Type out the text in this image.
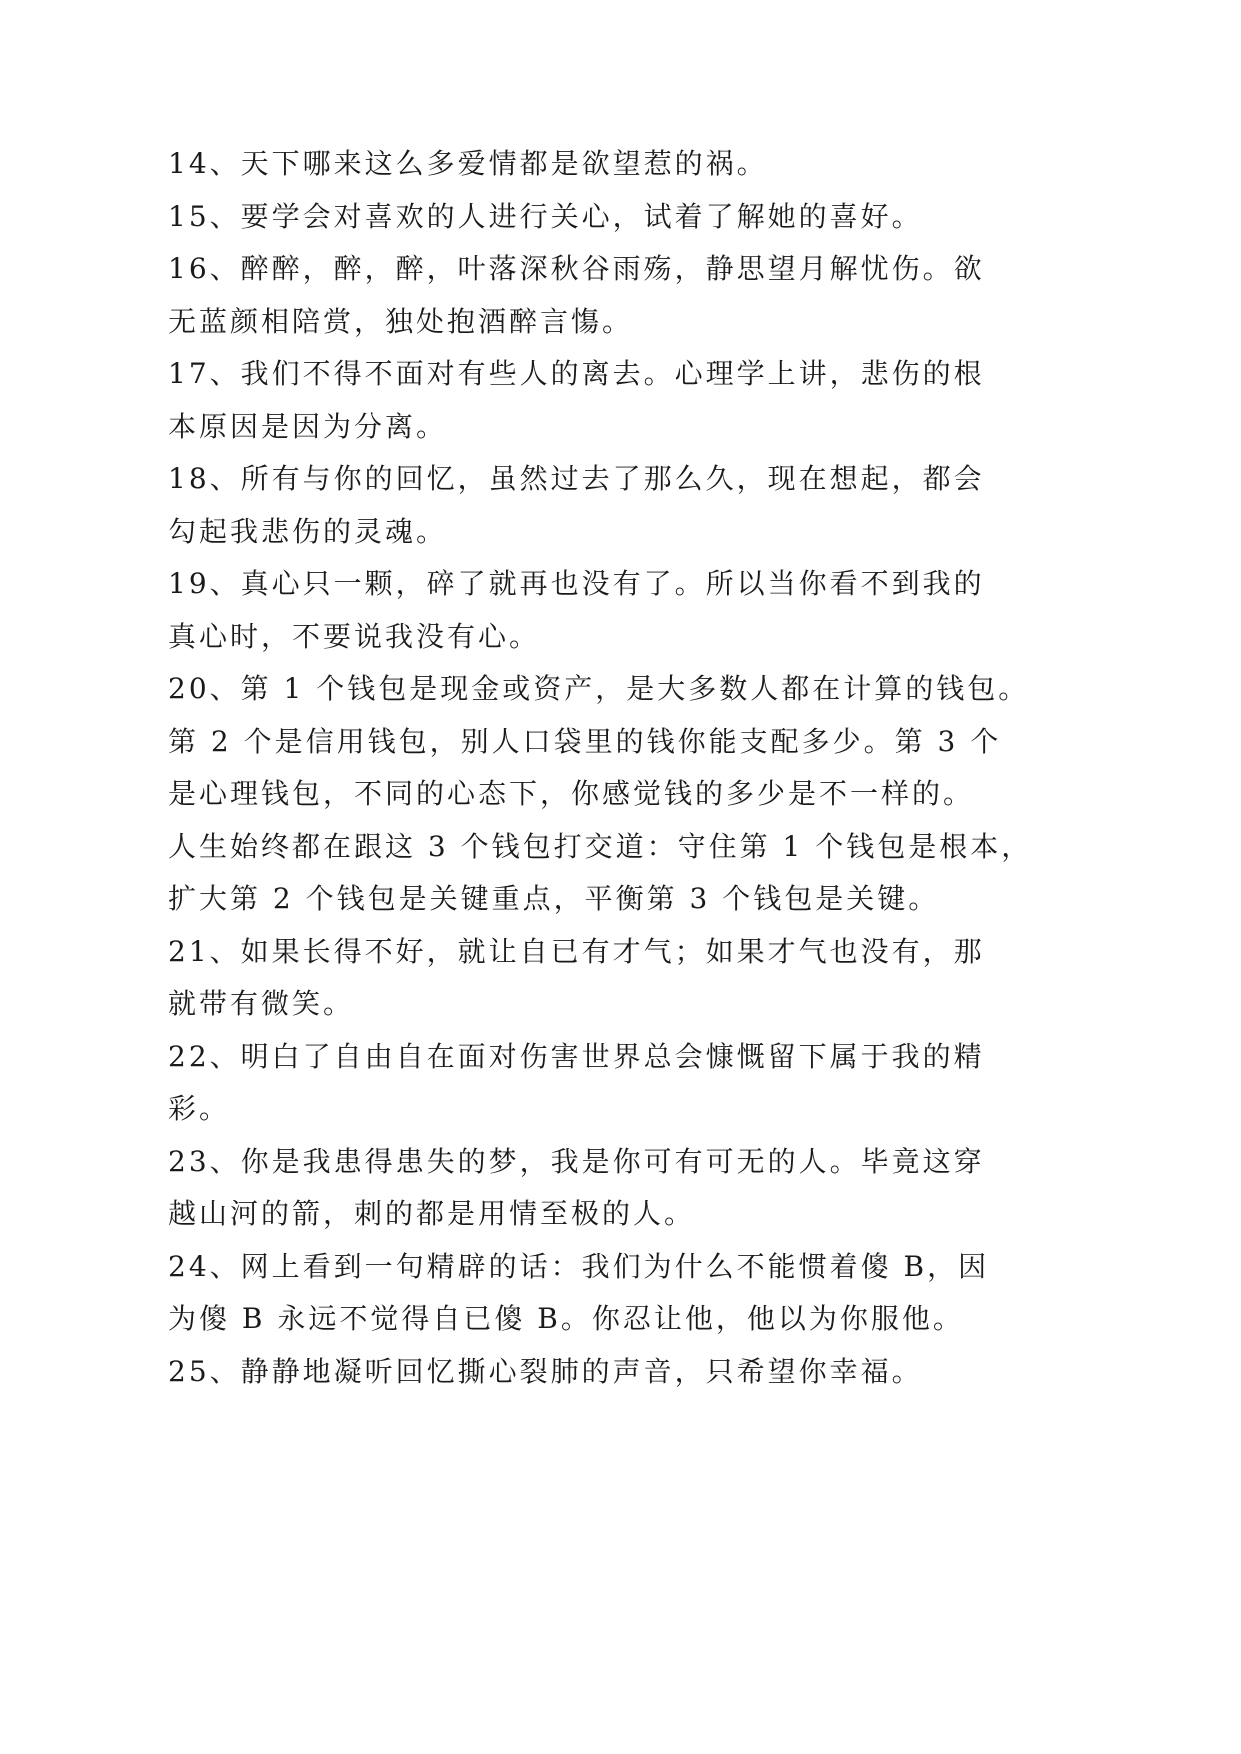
14、天下哪来这么多爱情都是欲望惹的祸。
15、要学会对喜欢的人进行关心，试着了解她的喜好。
16、醉醉，醉，醉，叶落深秋谷雨殇，静思望月解忧伤。欲
无蓝颜相陪赏，独处抱酒醉言慯。
17、我们不得不面对有些人的离去。心理学上讲，悲伤的根
本原因是因为分离。
18、所有与你的回忆，虽然过去了那么久，现在想起，都会
勾起我悲伤的灵魂。
19、真心只一颗，碎了就再也没有了。所以当你看不到我的
真心时，不要说我没有心。
20、第 1 个钱包是现金或资产，是大多数人都在计算的钱包。
第 2 个是信用钱包，别人口袋里的钱你能支配多少。第 3 个
是心理钱包，不同的心态下，你感觉钱的多少是不一样的。
人生始终都在跟这 3 个钱包打交道：守住第 1 个钱包是根本，
扩大第 2 个钱包是关键重点，平衡第 3 个钱包是关键。
21、如果长得不好，就让自已有才气；如果才气也没有，那
就带有微笑。
22、明白了自由自在面对伤害世界总会慷慨留下属于我的精
彩。
23、你是我患得患失的梦，我是你可有可无的人。毕竟这穿
越山河的箭，刺的都是用情至极的人。
24、网上看到一句精辟的话：我们为什么不能惯着傻 B，因
为傻 B 永远不觉得自已傻 B。你忍让他，他以为你服他。
25、静静地凝听回忆撕心裂肺的声音，只希望你幸福。
